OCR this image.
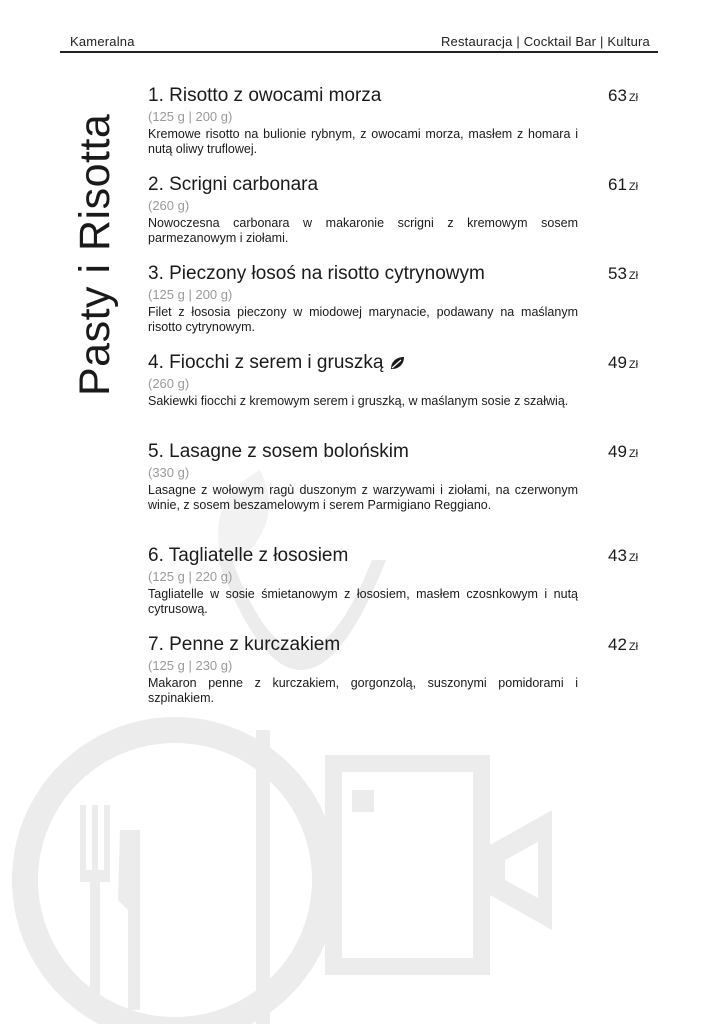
Kameralna	Restauracja | Cocktail Bar | Kultura
Pasty i Risotta
1. Risotto z owocami morza	63 Zł
(125 g | 200 g)
Kremowe risotto na bulionie rybnym, z owocami morza, masłem z homara i nutą oliwy truflowej.
2. Scrigni carbonara	61 Zł
(260 g)
Nowoczesna carbonara w makaronie scrigni z kremowym sosem parmezanowym i ziołami.
3. Pieczony łosoś na risotto cytrynowym	53 Zł
(125 g | 200 g)
Filet z łososia pieczony w miodowej marynacie, podawany na maślanym risotto cytrynowym.
4. Fiocchi z serem i gruszką	49 Zł
(260 g)
Sakiewki fiocchi z kremowym serem i gruszką, w maślanym sosie z szałwią.
5. Lasagne z sosem bolońskim	49 Zł
(330 g)
Lasagne z wołowym ragù duszonym z warzywami i ziołami, na czerwonym winie, z sosem beszamelowym i serem Parmigiano Reggiano.
6. Tagliatelle z łososiem	43 Zł
(125 g | 220 g)
Tagliatelle w sosie śmietanowym z łososiem, masłem czosnkowym i nutą cytrusową.
7. Penne z kurczakiem	42 Zł
(125 g | 230 g)
Makaron penne z kurczakiem, gorgonzolą, suszonymi pomidorami i szpinakiem.
